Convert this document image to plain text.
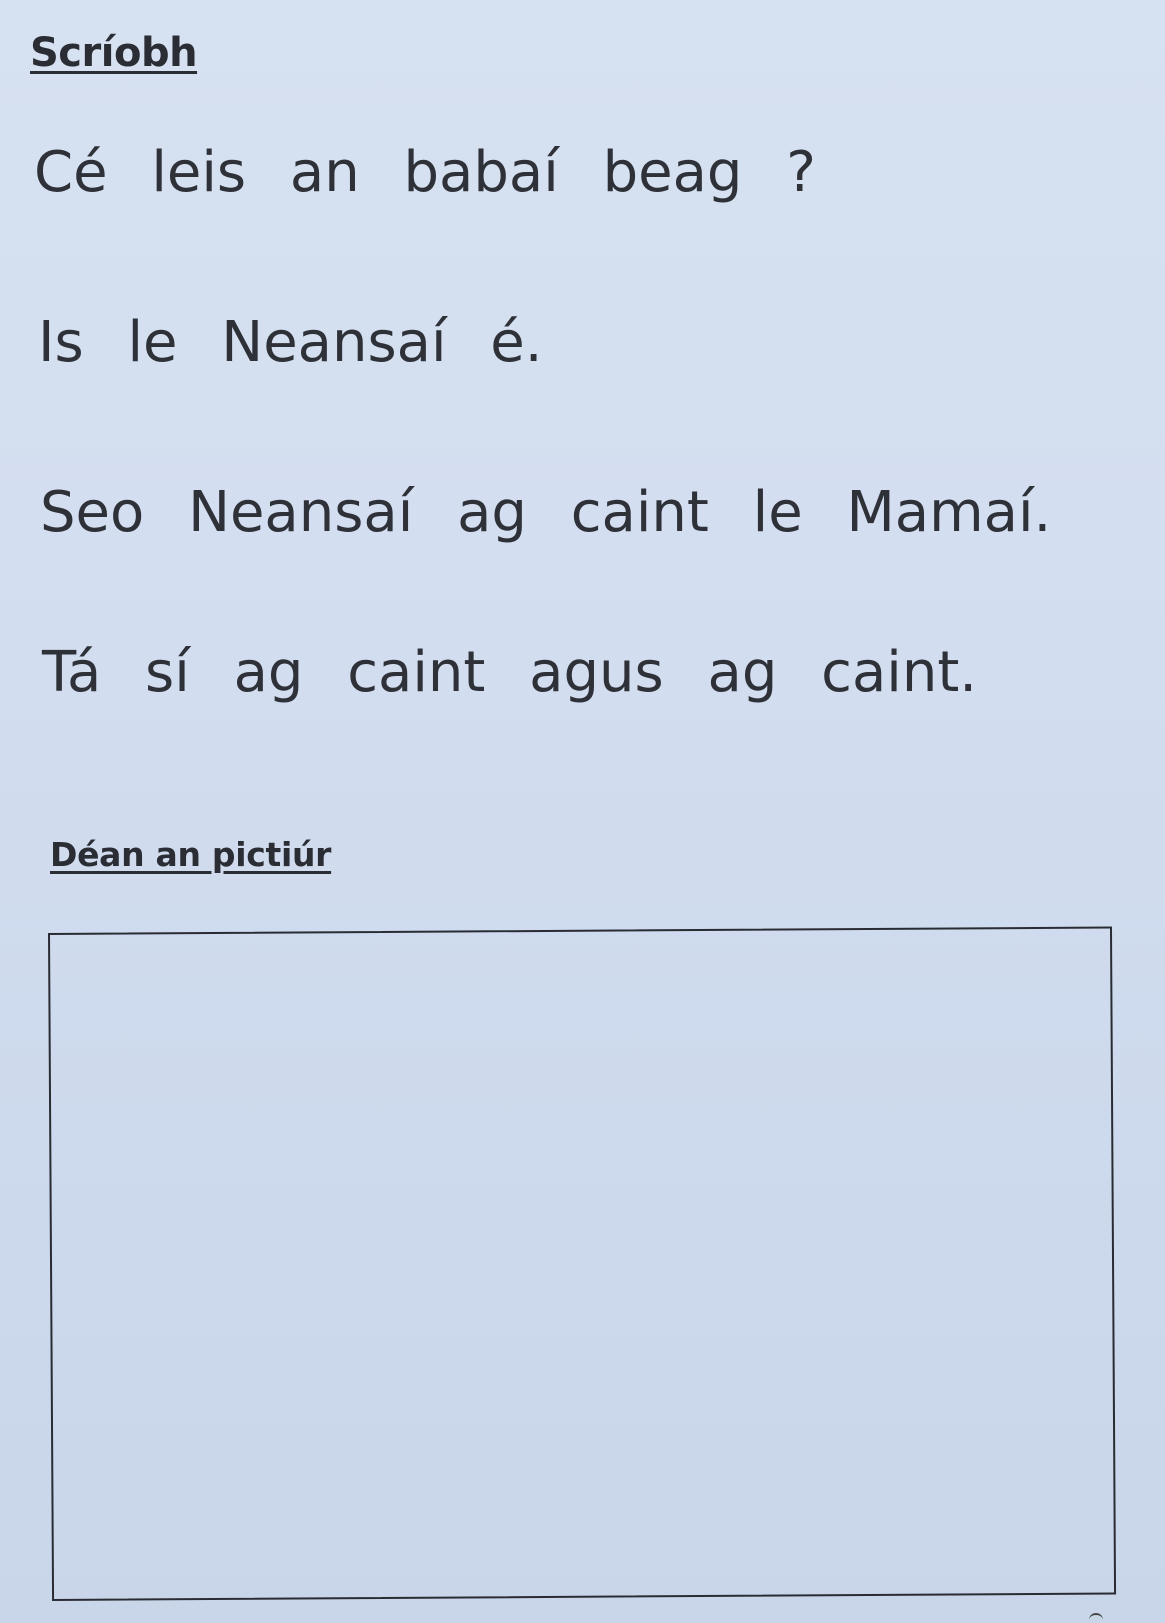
Scríobh

Cé leis an babaí beag ?

Is le Neansaí é.

Seo Neansaí ag caint le Mamaí.

Tá sí ag caint agus ag caint.

Déan an pictiúr
